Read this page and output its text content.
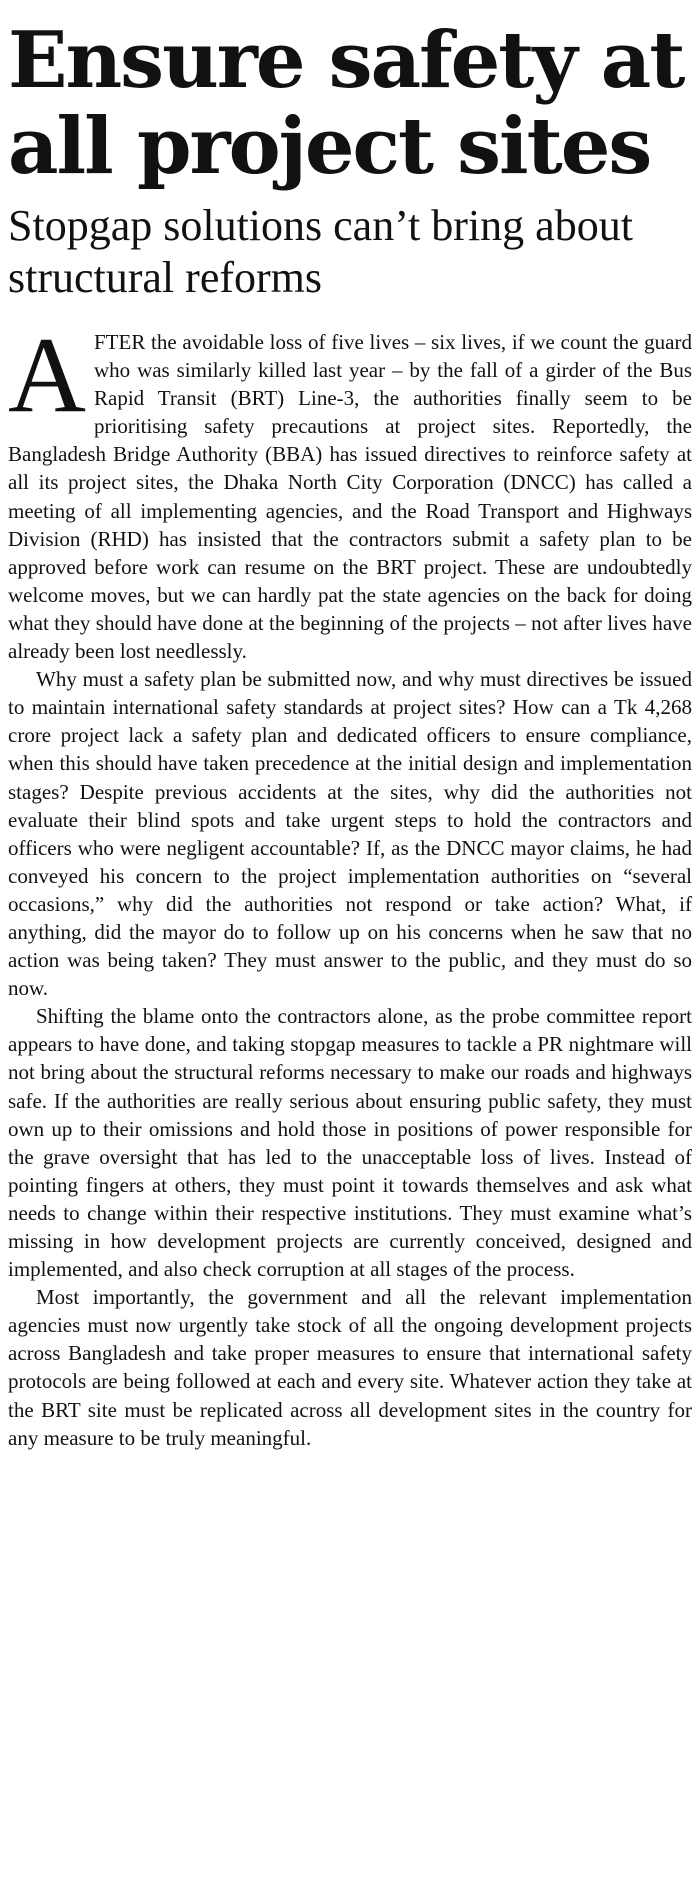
Ensure safety at all project sites
Stopgap solutions can’t bring about structural reforms

AFTER the avoidable loss of five lives – six lives, if we count the guard who was similarly killed last year – by the fall of a girder of the Bus Rapid Transit (BRT) Line-3, the authorities finally seem to be prioritising safety precautions at project sites. Reportedly, the Bangladesh Bridge Authority (BBA) has issued directives to reinforce safety at all its project sites, the Dhaka North City Corporation (DNCC) has called a meeting of all implementing agencies, and the Road Transport and Highways Division (RHD) has insisted that the contractors submit a safety plan to be approved before work can resume on the BRT project. These are undoubtedly welcome moves, but we can hardly pat the state agencies on the back for doing what they should have done at the beginning of the projects – not after lives have already been lost needlessly.

Why must a safety plan be submitted now, and why must directives be issued to maintain international safety standards at project sites? How can a Tk 4,268 crore project lack a safety plan and dedicated officers to ensure compliance, when this should have taken precedence at the initial design and implementation stages? Despite previous accidents at the sites, why did the authorities not evaluate their blind spots and take urgent steps to hold the contractors and officers who were negligent accountable? If, as the DNCC mayor claims, he had conveyed his concern to the project implementation authorities on “several occasions,” why did the authorities not respond or take action? What, if anything, did the mayor do to follow up on his concerns when he saw that no action was being taken? They must answer to the public, and they must do so now.

Shifting the blame onto the contractors alone, as the probe committee report appears to have done, and taking stopgap measures to tackle a PR nightmare will not bring about the structural reforms necessary to make our roads and highways safe. If the authorities are really serious about ensuring public safety, they must own up to their omissions and hold those in positions of power responsible for the grave oversight that has led to the unacceptable loss of lives. Instead of pointing fingers at others, they must point it towards themselves and ask what needs to change within their respective institutions. They must examine what’s missing in how development projects are currently conceived, designed and implemented, and also check corruption at all stages of the process.

Most importantly, the government and all the relevant implementation agencies must now urgently take stock of all the ongoing development projects across Bangladesh and take proper measures to ensure that international safety protocols are being followed at each and every site. Whatever action they take at the BRT site must be replicated across all development sites in the country for any measure to be truly meaningful.
